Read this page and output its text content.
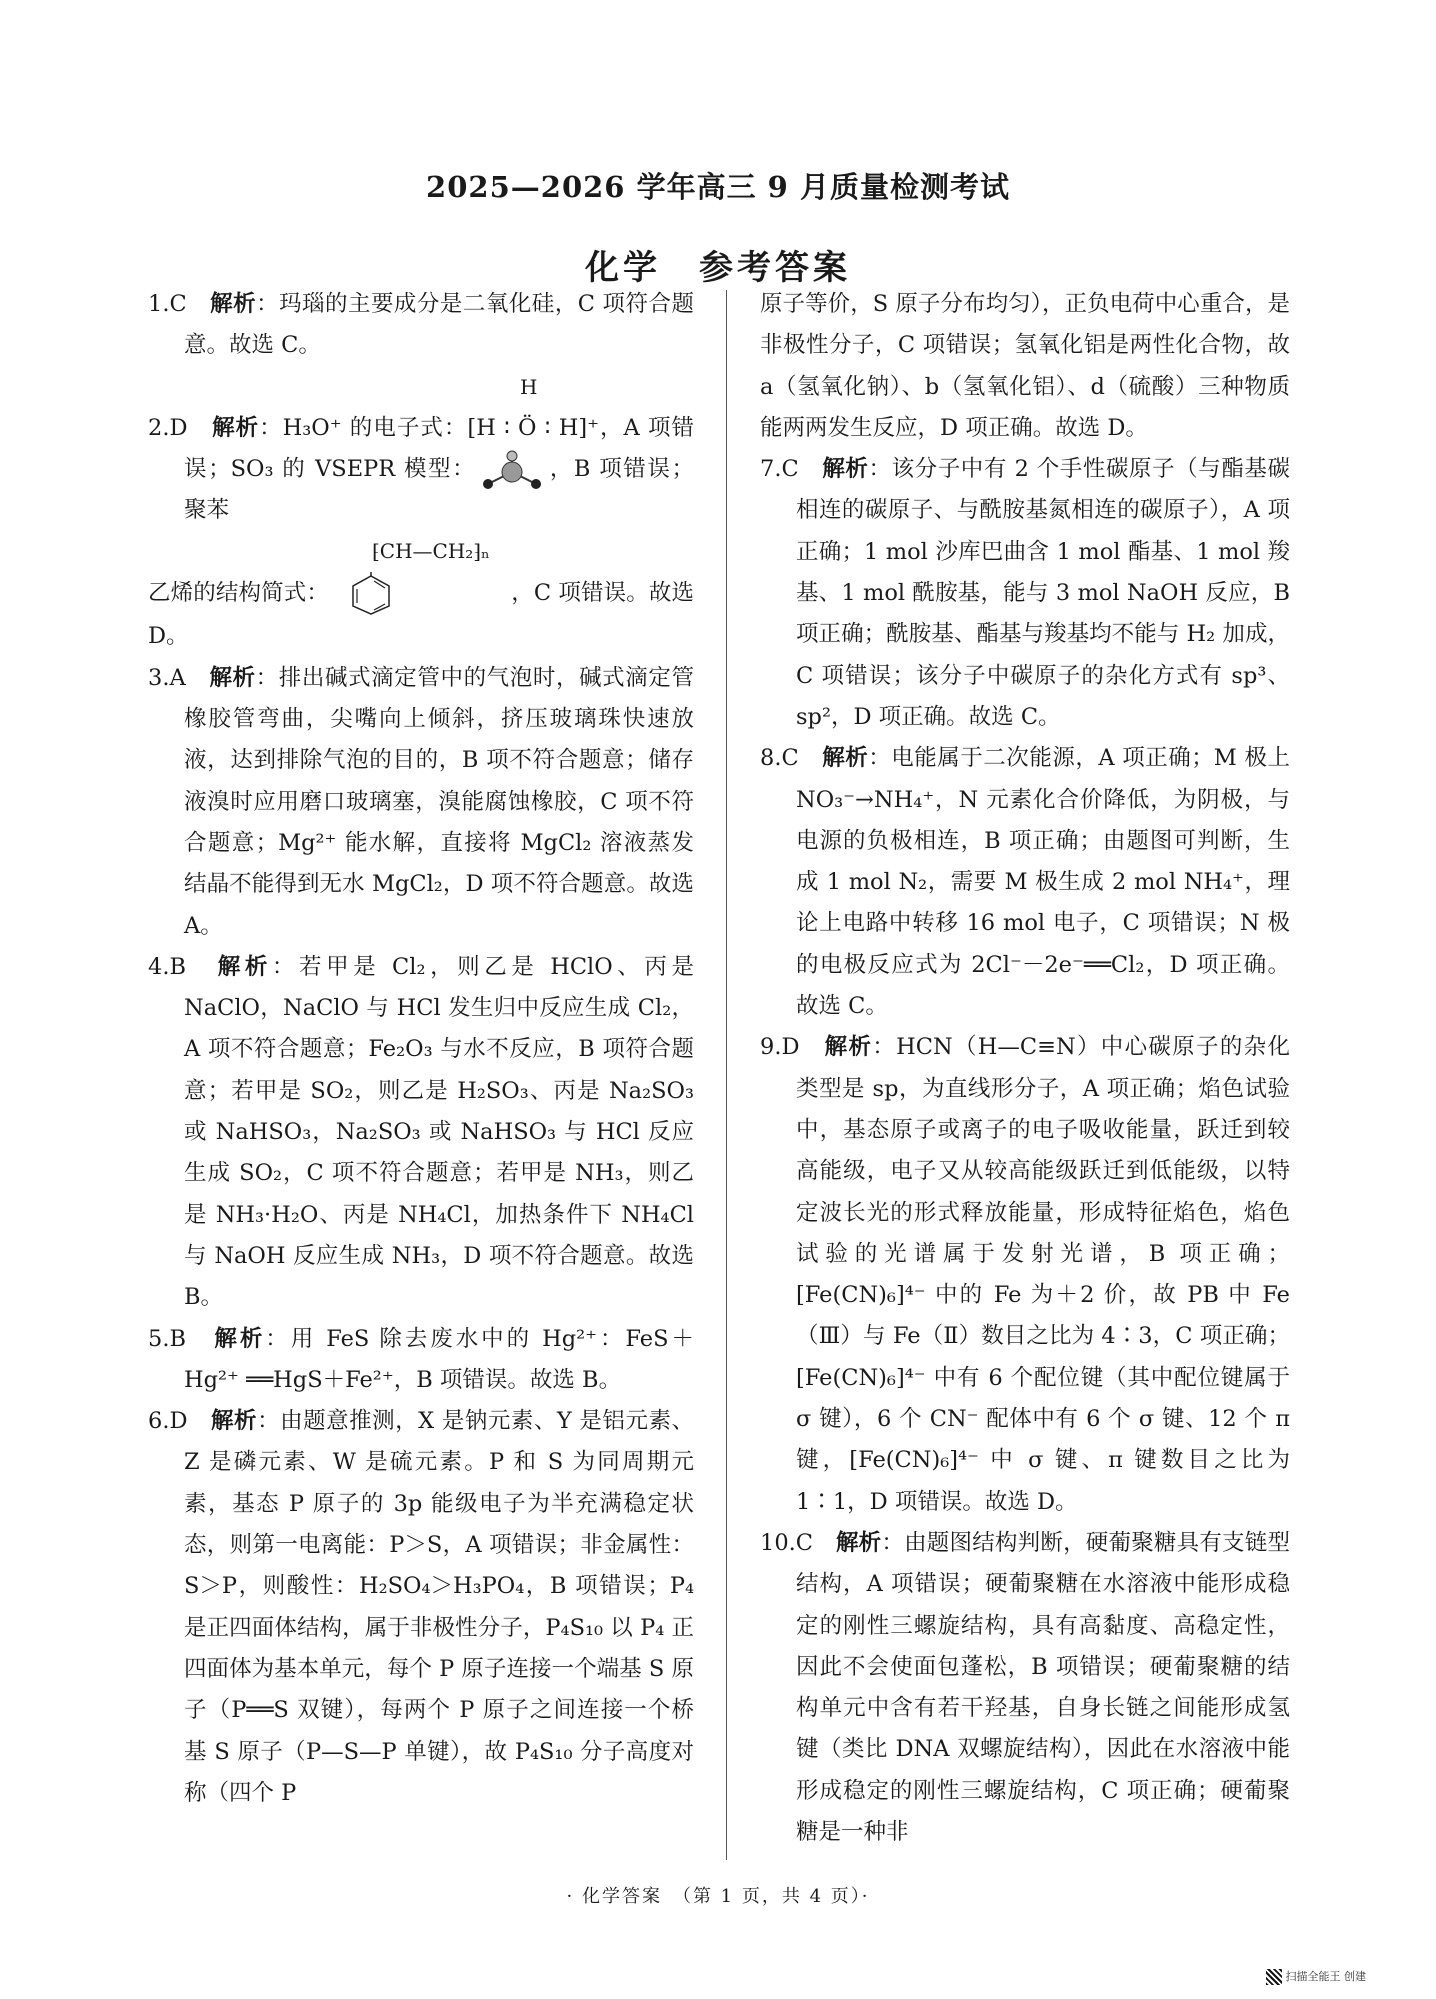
2025—2026 学年高三 9 月质量检测考试
化学　参考答案

1.C　 解析：玛瑙的主要成分是二氧化硅，C 项符合题意。故选 C。

H

2.D　 解析：H₃O⁺ 的电子式：[H ∶ Ö ∶ H]⁺，A 项错误；SO₃ 的 VSEPR 模型：	，B 项错误；聚苯

⁅CH—CH₂⁆ₙ

乙烯的结构简式：	，C 项错误。故选 D。

3.A　 解析：排出碱式滴定管中的气泡时，碱式滴定管橡胶管弯曲，尖嘴向上倾斜，挤压玻璃珠快速放液，达到排除气泡的目的，B 项不符合题意；储存液溴时应用磨口玻璃塞，溴能腐蚀橡胶，C 项不符合题意；Mg²⁺ 能水解，直接将 MgCl₂ 溶液蒸发结晶不能得到无水 MgCl₂，D 项不符合题意。故选 A。

4.B　 解析：若甲是 Cl₂，则乙是 HClO、丙是 NaClO，NaClO 与 HCl 发生归中反应生成 Cl₂，A 项不符合题意；Fe₂O₃ 与水不反应，B 项符合题意；若甲是 SO₂，则乙是 H₂SO₃、丙是 Na₂SO₃ 或 NaHSO₃，Na₂SO₃ 或 NaHSO₃ 与 HCl 反应生成 SO₂，C 项不符合题意；若甲是 NH₃，则乙是 NH₃·H₂O、丙是 NH₄Cl，加热条件下 NH₄Cl 与 NaOH 反应生成 NH₃，D 项不符合题意。故选 B。

5.B　 解析：用 FeS 除去废水中的 Hg²⁺：FeS＋Hg²⁺ ══HgS＋Fe²⁺，B 项错误。故选 B。

6.D　 解析：由题意推测，X 是钠元素、Y 是铝元素、Z 是磷元素、W 是硫元素。P 和 S 为同周期元素，基态 P 原子的 3p 能级电子为半充满稳定状态，则第一电离能：P＞S，A 项错误；非金属性：S＞P，则酸性：H₂SO₄＞H₃PO₄，B 项错误；P₄ 是正四面体结构，属于非极性分子，P₄S₁₀ 以 P₄ 正四面体为基本单元，每个 P 原子连接一个端基 S 原子（P══S 双键），每两个 P 原子之间连接一个桥基 S 原子（P—S—P 单键），故 P₄S₁₀ 分子高度对称（四个 P

原子等价，S 原子分布均匀），正负电荷中心重合，是非极性分子，C 项错误；氢氧化铝是两性化合物，故 a（氢氧化钠）、b（氢氧化铝）、d（硫酸）三种物质能两两发生反应，D 项正确。故选 D。

7.C　 解析：该分子中有 2 个手性碳原子（与酯基碳相连的碳原子、与酰胺基氮相连的碳原子），A 项正确；1 mol 沙库巴曲含 1 mol 酯基、1 mol 羧基、1 mol 酰胺基，能与 3 mol NaOH 反应，B 项正确；酰胺基、酯基与羧基均不能与 H₂ 加成，C 项错误；该分子中碳原子的杂化方式有 sp³、sp²，D 项正确。故选 C。

8.C　 解析：电能属于二次能源，A 项正确；M 极上 NO₃⁻→NH₄⁺，N 元素化合价降低，为阴极，与电源的负极相连，B 项正确；由题图可判断，生成 1 mol N₂，需要 M 极生成 2 mol NH₄⁺，理论上电路中转移 16 mol 电子，C 项错误；N 极的电极反应式为 2Cl⁻－2e⁻══Cl₂，D 项正确。故选 C。

9.D　 解析：HCN（H—C≡N）中心碳原子的杂化类型是 sp，为直线形分子，A 项正确；焰色试验中，基态原子或离子的电子吸收能量，跃迁到较高能级，电子又从较高能级跃迁到低能级，以特定波长光的形式释放能量，形成特征焰色，焰色试验的光谱属于发射光谱，B 项正确；[Fe(CN)₆]⁴⁻ 中的 Fe 为＋2 价，故 PB 中 Fe（Ⅲ）与 Fe（Ⅱ）数目之比为 4∶3，C 项正确；[Fe(CN)₆]⁴⁻ 中有 6 个配位键（其中配位键属于 σ 键），6 个 CN⁻ 配体中有 6 个 σ 键、12 个 π 键，[Fe(CN)₆]⁴⁻ 中 σ 键、π 键数目之比为 1∶1，D 项错误。故选 D。

10.C　 解析：由题图结构判断，硬葡聚糖具有支链型结构，A 项错误；硬葡聚糖在水溶液中能形成稳定的刚性三螺旋结构，具有高黏度、高稳定性，因此不会使面包蓬松，B 项错误；硬葡聚糖的结构单元中含有若干羟基，自身长链之间能形成氢键（类比 DNA 双螺旋结构），因此在水溶液中能形成稳定的刚性三螺旋结构，C 项正确；硬葡聚糖是一种非

· 化学答案　（第 1 页，共 4 页）·
扫描全能王 创建
